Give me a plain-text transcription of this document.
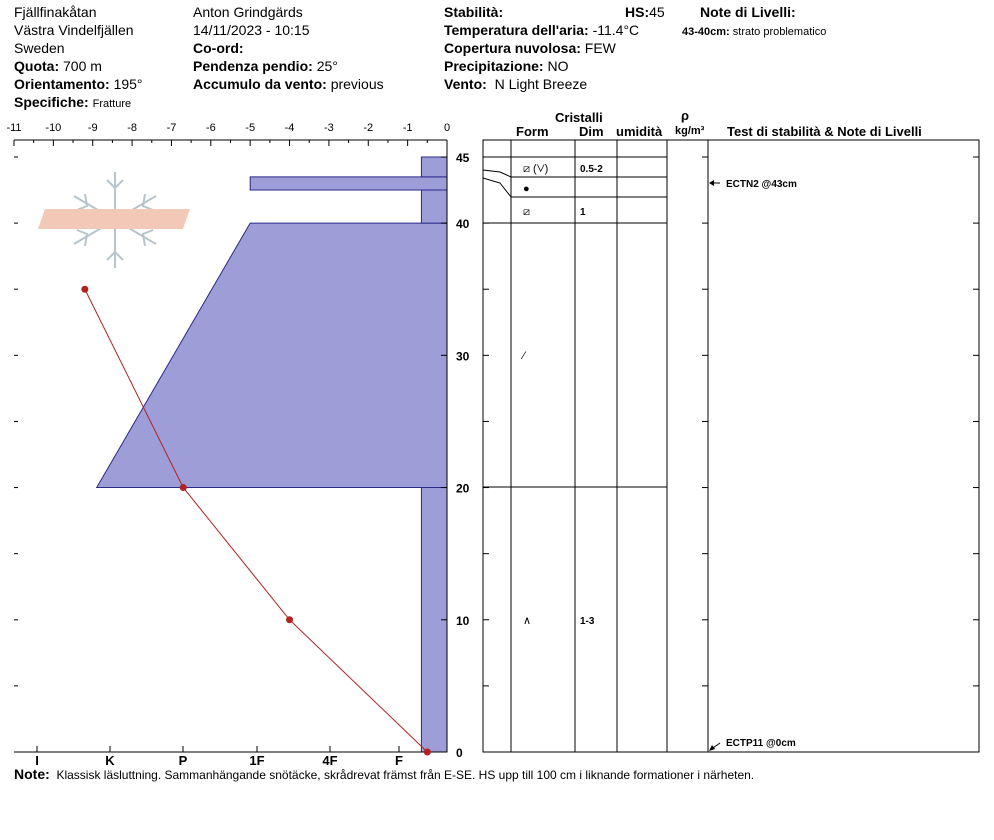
Fjällfinakåtan
Västra Vindelfjällen
Sweden
Quota: 700 m
Orientamento: 195°
Specifiche: Fratture
Anton Grindgärds
14/11/2023 - 10:15
Co-ord:
Pendenza pendio: 25°
Accumulo da vento: previous
Stabilità:	HS:45
Temperatura dell'aria: -11.4°C
Copertura nuvolosa: FEW
Precipitazione: NO
Vento: N Light Breeze
Note di Livelli:
43-40cm: strato problematico
-11 -10 -9	-8	-7	-6	-5	-4	-3	-2	-1	0
I	K	P	1F	4F	F	0
10
20
30
40
45
Cristalli
Form Dim umidità
ρ
kg/m³ Test di stabilità & Note di Livelli
⧄ (⋁)	0.5-2
●
⧄	1
⁄
∧	1-3
ECTN2 @43cm
ECTP11 @0cm
Note: Klassisk läsluttning. Sammanhängande snötäcke, skrådrevat främst från E-SE. HS upp till 100 cm i liknande formationer i närheten.
